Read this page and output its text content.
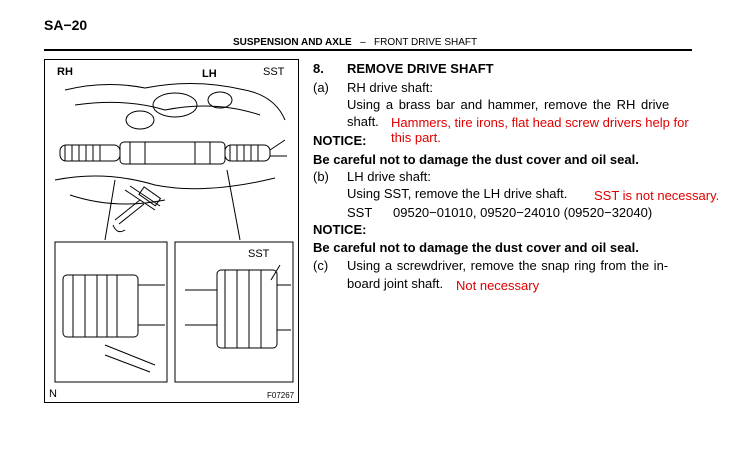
SA−20
SUSPENSION AND AXLE – FRONT DRIVE SHAFT
RH	LH	SST
SST
N	F07267
8. REMOVE DRIVE SHAFT
(a) RH drive shaft:
Using a brass bar and hammer, remove the RH drive
shaft. Hammers, tire irons, flat head screw drivers help for
this part.
NOTICE:
Be careful not to damage the dust cover and oil seal.
(b) LH drive shaft:
Using SST, remove the LH drive shaft. SST is not necessary.
SST 09520−01010, 09520−24010 (09520−32040)
NOTICE:
Be careful not to damage the dust cover and oil seal.
(c) Using a screwdriver, remove the snap ring from the in-
board joint shaft. Not necessary
